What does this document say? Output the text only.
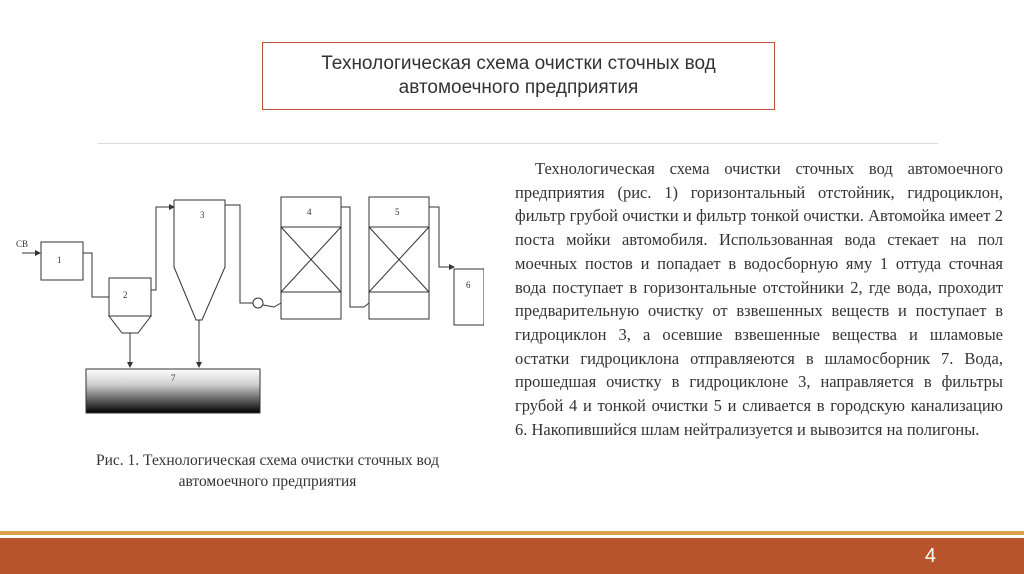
Технологическая схема очистки сточных вод
автомоечного предприятия
СВ
1
2
3	4	5
6
7
Рис. 1. Технологическая схема очистки сточных вод
автомоечного предприятия

Технологическая схема очистки сточных вод автомоечного предприятия (рис. 1) горизонтальный отстойник, гидроциклон, фильтр грубой очистки и фильтр тонкой очистки. Автомойка имеет 2 поста мойки автомобиля. Использованная вода стекает на пол моечных постов и попадает в водосборную яму 1 оттуда сточная вода поступает в горизонтальные отстойники 2, где вода, проходит предварительную очистку от взвешенных веществ и поступает в гидроциклон 3, а осевшие взвешенные вещества и шламовые остатки гидроциклона отправляеются в шламосборник 7. Вода, прошедшая очистку в гидроциклоне 3, направляется в фильтры грубой 4 и тонкой очистки 5 и сливается в городскую канализацию 6. Накопившийся шлам нейтрализуется и вывозится на полигоны.

4
